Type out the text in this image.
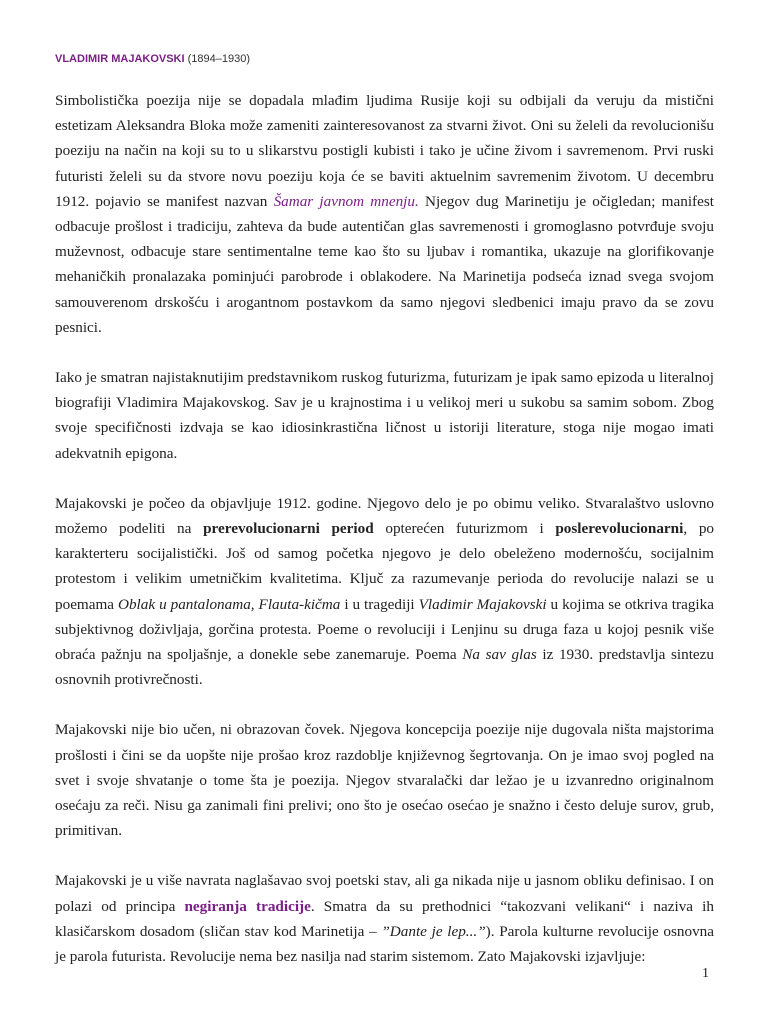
VLADIMIR MAJAKOVSKI (1894–1930)

Simbolistička poezija nije se dopadala mlađim ljudima Rusije koji su odbijali da veruju da mistični estetizam Aleksandra Bloka može zameniti zainteresovanost za stvarni život. Oni su želeli da revolucionišu poeziju na način na koji su to u slikarstvu postigli kubisti i tako je učine živom i savremenom. Prvi ruski futuristi želeli su da stvore novu poeziju koja će se baviti aktuelnim savremenim životom. U decembru 1912. pojavio se manifest nazvan Šamar javnom mnenju. Njegov dug Marinetiju je očigledan; manifest odbacuje prošlost i tradiciju, zahteva da bude autentičan glas savremenosti i gromoglasno potvrđuje svoju muževnost, odbacuje stare sentimentalne teme kao što su ljubav i romantika, ukazuje na glorifikovanje mehaničkih pronalazaka pominjući parobrode i oblakodere. Na Marinetija podseća iznad svega svojom samouverenom drskošću i arogantnom postavkom da samo njegovi sledbenici imaju pravo da se zovu pesnici.

Iako je smatran najistaknutijim predstavnikom ruskog futurizma, futurizam je ipak samo epizoda u literalnoj biografiji Vladimira Majakovskog. Sav je u krajnostima i u velikoj meri u sukobu sa samim sobom. Zbog svoje specifičnosti izdvaja se kao idiosinkrastična ličnost u istoriji literature, stoga nije mogao imati adekvatnih epigona.

Majakovski je počeo da objavljuje 1912. godine. Njegovo delo je po obimu veliko. Stvaralaštvo uslovno možemo podeliti na prerevolucionarni period opterećen futurizmom i poslerevolucionarni, po karakterteru socijalistički. Još od samog početka njegovo je delo obeleženo modernošću, socijalnim protestom i velikim umetničkim kvalitetima. Ključ za razumevanje perioda do revolucije nalazi se u poemama Oblak u pantalonama, Flauta-kičma i u tragediji Vladimir Majakovski u kojima se otkriva tragika subjektivnog doživljaja, gorčina protesta. Poeme o revoluciji i Lenjinu su druga faza u kojoj pesnik više obraća pažnju na spoljašnje, a donekle sebe zanemaruje. Poema Na sav glas iz 1930. predstavlja sintezu osnovnih protivrečnosti.

Majakovski nije bio učen, ni obrazovan čovek. Njegova koncepcija poezije nije dugovala ništa majstorima prošlosti i čini se da uopšte nije prošao kroz razdoblje književnog šegrtovanja. On je imao svoj pogled na svet i svoje shvatanje o tome šta je poezija. Njegov stvaralački dar ležao je u izvanredno originalnom osećaju za reči. Nisu ga zanimali fini prelivi; ono što je osećao osećao je snažno i često deluje surov, grub, primitivan.

Majakovski je u više navrata naglašavao svoj poetski stav, ali ga nikada nije u jasnom obliku definisao. I on polazi od principa negiranja tradicije. Smatra da su prethodnici “takozvani velikani“ i naziva ih klasičarskom dosadom (sličan stav kod Marinetija – ”Dante je lep...”). Parola kulturne revolucije osnovna je parola futurista. Revolucije nema bez nasilja nad starim sistemom. Zato Majakovski izjavljuje:

1
